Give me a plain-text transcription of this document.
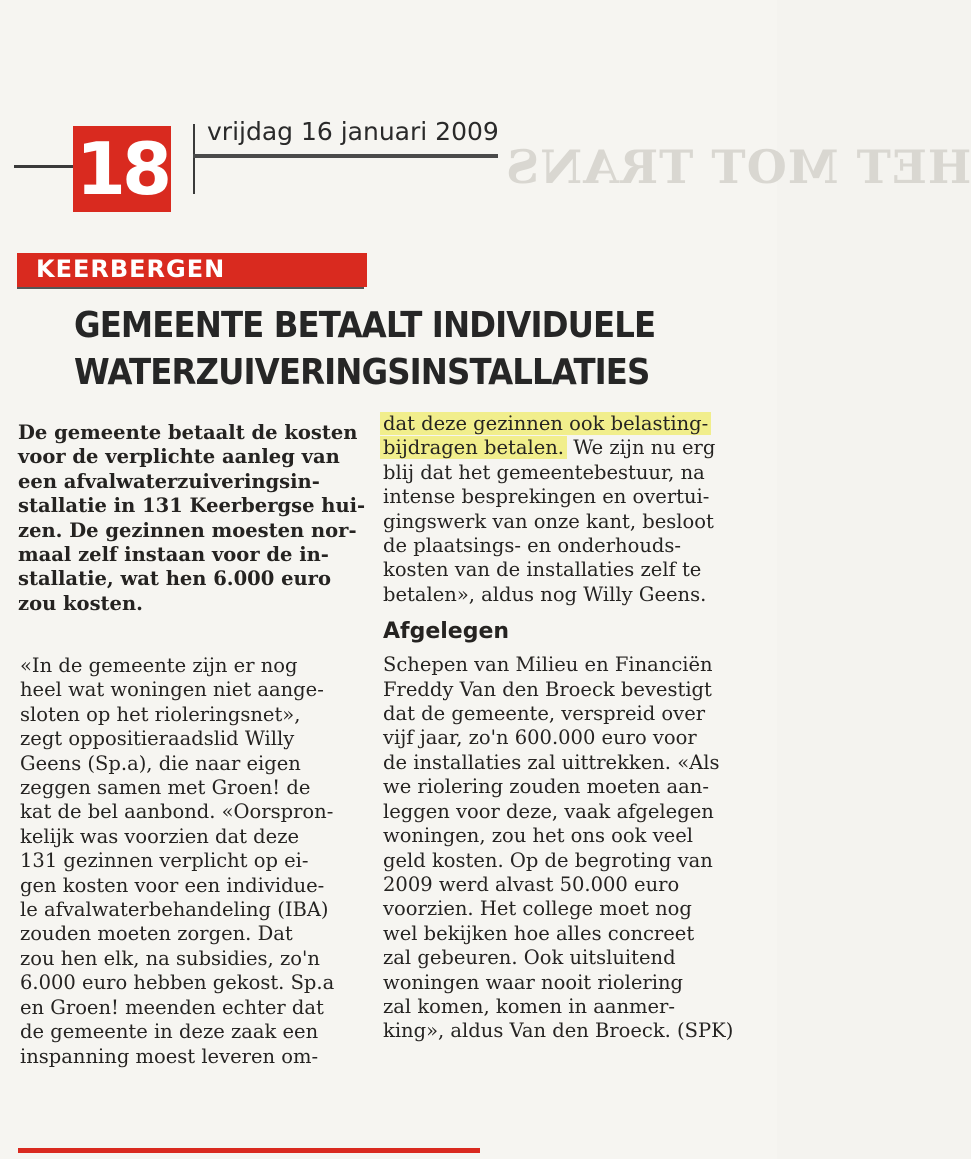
HET MOT TRANS
18 vrijdag 16 januari 2009
KEERBERGEN
GEMEENTE BETAALT INDIVIDUELE
WATERZUIVERINGSINSTALLATIES
De gemeente betaalt de kosten
voor de verplichte aanleg van
een afvalwaterzuiveringsin-
stallatie in 131 Keerbergse hui-
zen. De gezinnen moesten nor-
maal zelf instaan voor de in-
stallatie, wat hen 6.000 euro
zou kosten.
«In de gemeente zijn er nog
heel wat woningen niet aange-
sloten op het rioleringsnet»,
zegt oppositieraadslid Willy
Geens (Sp.a), die naar eigen
zeggen samen met Groen! de
kat de bel aanbond. «Oorspron-
kelijk was voorzien dat deze
131 gezinnen verplicht op ei-
gen kosten voor een individue-
le afvalwaterbehandeling (IBA)
zouden moeten zorgen. Dat
zou hen elk, na subsidies, zo'n
6.000 euro hebben gekost. Sp.a
en Groen! meenden echter dat
de gemeente in deze zaak een
inspanning moest leveren om-
dat deze gezinnen ook belasting-
bijdragen betalen. We zijn nu erg
blij dat het gemeentebestuur, na
intense besprekingen en overtui-
gingswerk van onze kant, besloot
de plaatsings- en onderhouds-
kosten van de installaties zelf te
betalen», aldus nog Willy Geens.
Afgelegen
Schepen van Milieu en Financiën
Freddy Van den Broeck bevestigt
dat de gemeente, verspreid over
vijf jaar, zo'n 600.000 euro voor
de installaties zal uittrekken. «Als
we riolering zouden moeten aan-
leggen voor deze, vaak afgelegen
woningen, zou het ons ook veel
geld kosten. Op de begroting van
2009 werd alvast 50.000 euro
voorzien. Het college moet nog
wel bekijken hoe alles concreet
zal gebeuren. Ook uitsluitend
woningen waar nooit riolering
zal komen, komen in aanmer-
king», aldus Van den Broeck. (SPK)
